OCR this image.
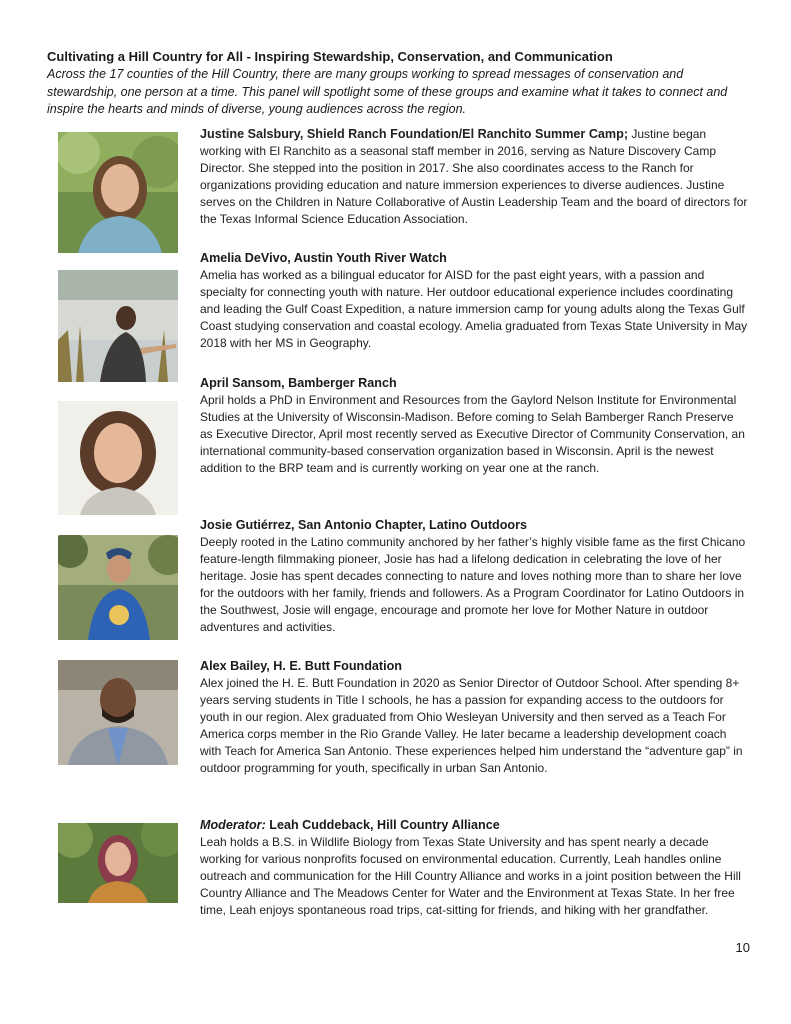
Cultivating a Hill Country for All - Inspiring Stewardship, Conservation, and Communication

Across the 17 counties of the Hill Country, there are many groups working to spread messages of conservation and stewardship, one person at a time. This panel will spotlight some of these groups and examine what it takes to connect and inspire the hearts and minds of diverse, young audiences across the region.

Justine Salsbury, Shield Ranch Foundation/El Ranchito Summer Camp; Justine began working with El Ranchito as a seasonal staff member in 2016, serving as Nature Discovery Camp Director. She stepped into the position in 2017. She also coordinates access to the Ranch for organizations providing education and nature immersion experiences to diverse audiences. Justine serves on the Children in Nature Collaborative of Austin Leadership Team and the board of directors for the Texas Informal Science Education Association.

Amelia DeVivo, Austin Youth River Watch

Amelia has worked as a bilingual educator for AISD for the past eight years, with a passion and specialty for connecting youth with nature. Her outdoor educational experience includes coordinating and leading the Gulf Coast Expedition, a nature immersion camp for young adults along the Texas Gulf Coast studying conservation and coastal ecology. Amelia graduated from Texas State University in May 2018 with her MS in Geography.

April Sansom, Bamberger Ranch

April holds a PhD in Environment and Resources from the Gaylord Nelson Institute for Environmental Studies at the University of Wisconsin-Madison. Before coming to Selah Bamberger Ranch Preserve as Executive Director, April most recently served as Executive Director of Community Conservation, an international community-based conservation organization based in Wisconsin. April is the newest addition to the BRP team and is currently working on year one at the ranch.

Josie Gutiérrez, San Antonio Chapter, Latino Outdoors

Deeply rooted in the Latino community anchored by her father’s highly visible fame as the first Chicano feature-length filmmaking pioneer, Josie has had a lifelong dedication in celebrating the love of her heritage. Josie has spent decades connecting to nature and loves nothing more than to share her love for the outdoors with her family, friends and followers. As a Program Coordinator for Latino Outdoors in the Southwest, Josie will engage, encourage and promote her love for Mother Nature in outdoor adventures and activities.

Alex Bailey, H. E. Butt Foundation

Alex joined the H. E. Butt Foundation in 2020 as Senior Director of Outdoor School. After spending 8+ years serving students in Title I schools, he has a passion for expanding access to the outdoors for youth in our region. Alex graduated from Ohio Wesleyan University and then served as a Teach For America corps member in the Rio Grande Valley. He later became a leadership development coach with Teach for America San Antonio. These experiences helped him understand the “adventure gap” in outdoor programming for youth, specifically in urban San Antonio.

Moderator: Leah Cuddeback, Hill Country Alliance

Leah holds a B.S. in Wildlife Biology from Texas State University and has spent nearly a decade working for various nonprofits focused on environmental education. Currently, Leah handles online outreach and communication for the Hill Country Alliance and works in a joint position between the Hill Country Alliance and The Meadows Center for Water and the Environment at Texas State. In her free time, Leah enjoys spontaneous road trips, cat-sitting for friends, and hiking with her grandfather.

10
